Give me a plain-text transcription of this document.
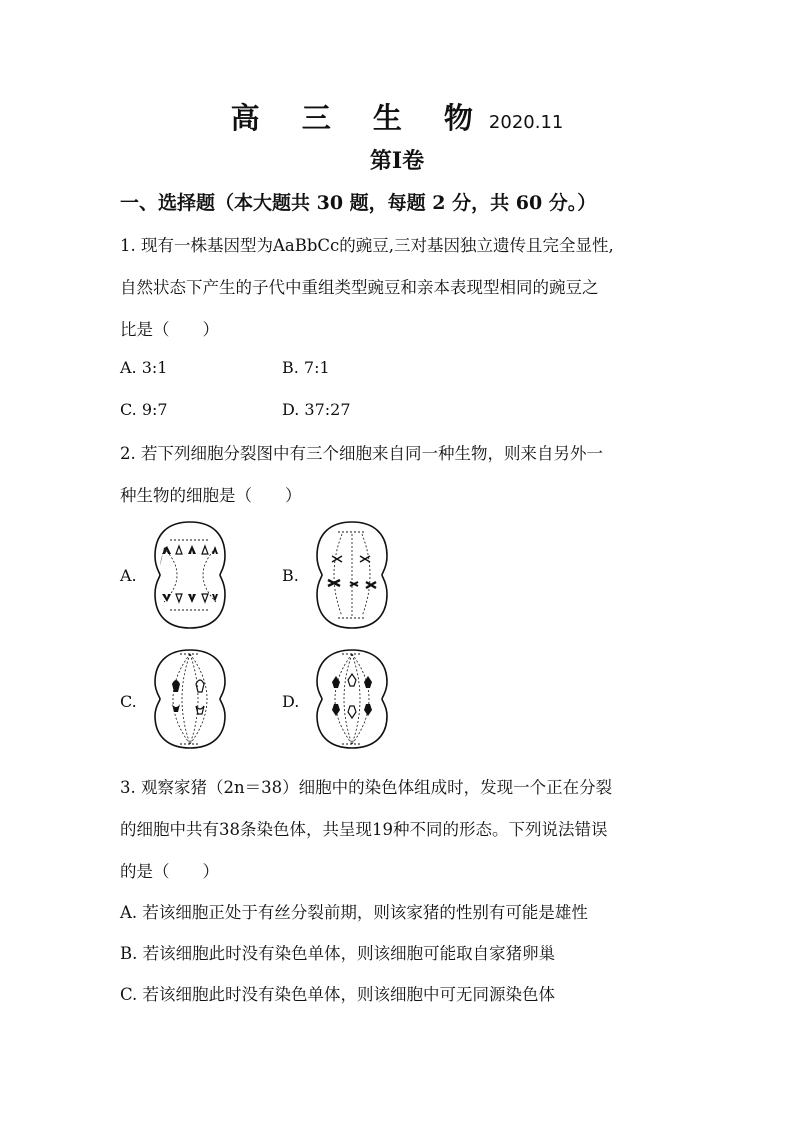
高 三 生 物2020.11
第Ⅰ卷
一、选择题（本大题共 30 题，每题 2 分，共 60 分。）
1. 现有一株基因型为AaBbCc的豌豆,三对基因独立遗传且完全显性,
自然状态下产生的子代中重组类型豌豆和亲本表现型相同的豌豆之
比是（　　）
A. 3:1	B. 7:1
C. 9:7	D. 37:27
2. 若下列细胞分裂图中有三个细胞来自同一种生物，则来自另外一
种生物的细胞是（　　）
A.	B.
C.	D.
3. 观察家猪（2n＝38）细胞中的染色体组成时，发现一个正在分裂
的细胞中共有38条染色体，共呈现19种不同的形态。下列说法错误
的是（　　）
A. 若该细胞正处于有丝分裂前期，则该家猪的性别有可能是雄性
B. 若该细胞此时没有染色单体，则该细胞可能取自家猪卵巢
C. 若该细胞此时没有染色单体，则该细胞中可无同源染色体
